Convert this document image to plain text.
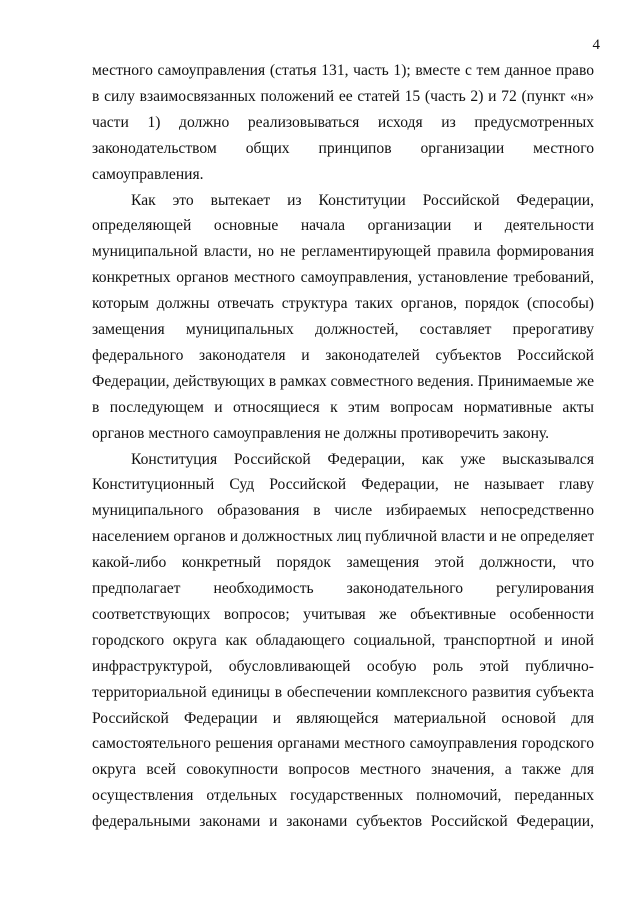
4
местного самоуправления (статья 131, часть 1); вместе с тем данное право
в силу взаимосвязанных положений ее статей 15 (часть 2) и 72 (пункт «н»
части 1) должно реализовываться исходя из предусмотренных
законодательством общих принципов организации местного
самоуправления.
Как это вытекает из Конституции Российской Федерации,
определяющей основные начала организации и деятельности
муниципальной власти, но не регламентирующей правила формирования
конкретных органов местного самоуправления, установление требований,
которым должны отвечать структура таких органов, порядок (способы)
замещения муниципальных должностей, составляет прерогативу
федерального законодателя и законодателей субъектов Российской
Федерации, действующих в рамках совместного ведения. Принимаемые же
в последующем и относящиеся к этим вопросам нормативные акты
органов местного самоуправления не должны противоречить закону.
Конституция Российской Федерации, как уже высказывался
Конституционный Суд Российской Федерации, не называет главу
муниципального образования в числе избираемых непосредственно
населением органов и должностных лиц публичной власти и не определяет
какой-либо конкретный порядок замещения этой должности, что
предполагает необходимость законодательного регулирования
соответствующих вопросов; учитывая же объективные особенности
городского округа как обладающего социальной, транспортной и иной
инфраструктурой, обусловливающей особую роль этой публично-
территориальной единицы в обеспечении комплексного развития субъекта
Российской Федерации и являющейся материальной основой для
самостоятельного решения органами местного самоуправления городского
округа всей совокупности вопросов местного значения, а также для
осуществления отдельных государственных полномочий, переданных
федеральными законами и законами субъектов Российской Федерации,
